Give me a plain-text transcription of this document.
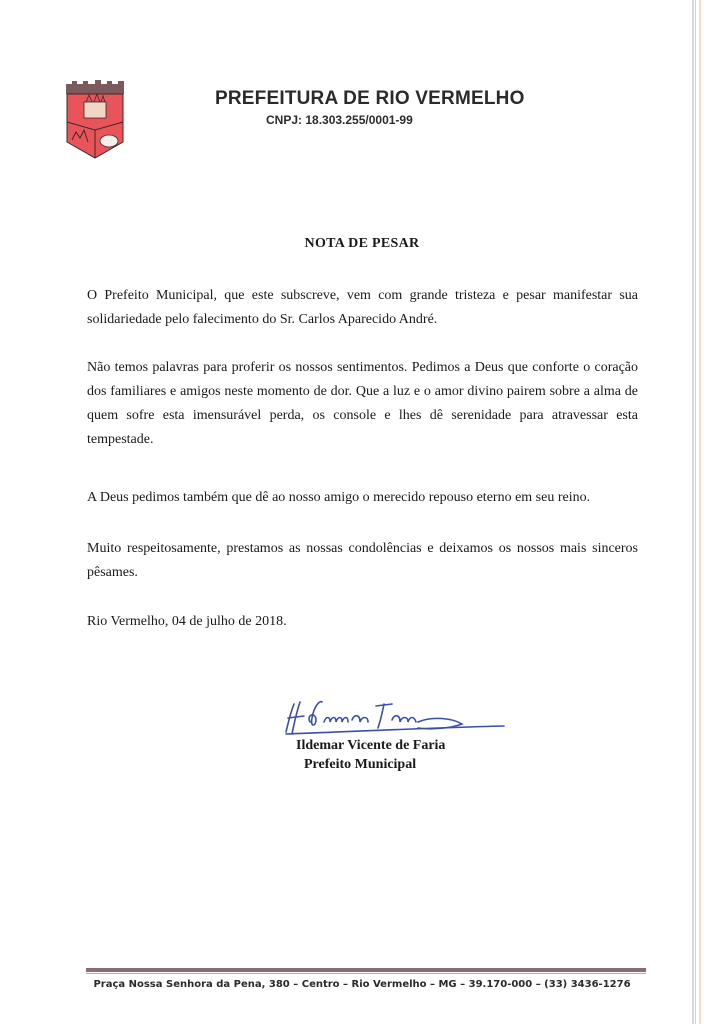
PREFEITURA DE RIO VERMELHO
CNPJ: 18.303.255/0001-99
NOTA DE PESAR
O Prefeito Municipal, que este subscreve, vem com grande tristeza e pesar manifestar sua solidariedade pelo falecimento do Sr. Carlos Aparecido André.
Não temos palavras para proferir os nossos sentimentos. Pedimos a Deus que conforte o coração dos familiares e amigos neste momento de dor. Que a luz e o amor divino pairem sobre a alma de quem sofre esta imensurável perda, os console e lhes dê serenidade para atravessar esta tempestade.
A Deus pedimos também que dê ao nosso amigo o merecido repouso eterno em seu reino.
Muito respeitosamente, prestamos as nossas condolências e deixamos os nossos mais sinceros pêsames.
Rio Vermelho, 04 de julho de 2018.
Ildemar Vicente de Faria
Prefeito Municipal
Praça Nossa Senhora da Pena, 380 – Centro – Rio Vermelho – MG – 39.170-000 – (33) 3436-1276
